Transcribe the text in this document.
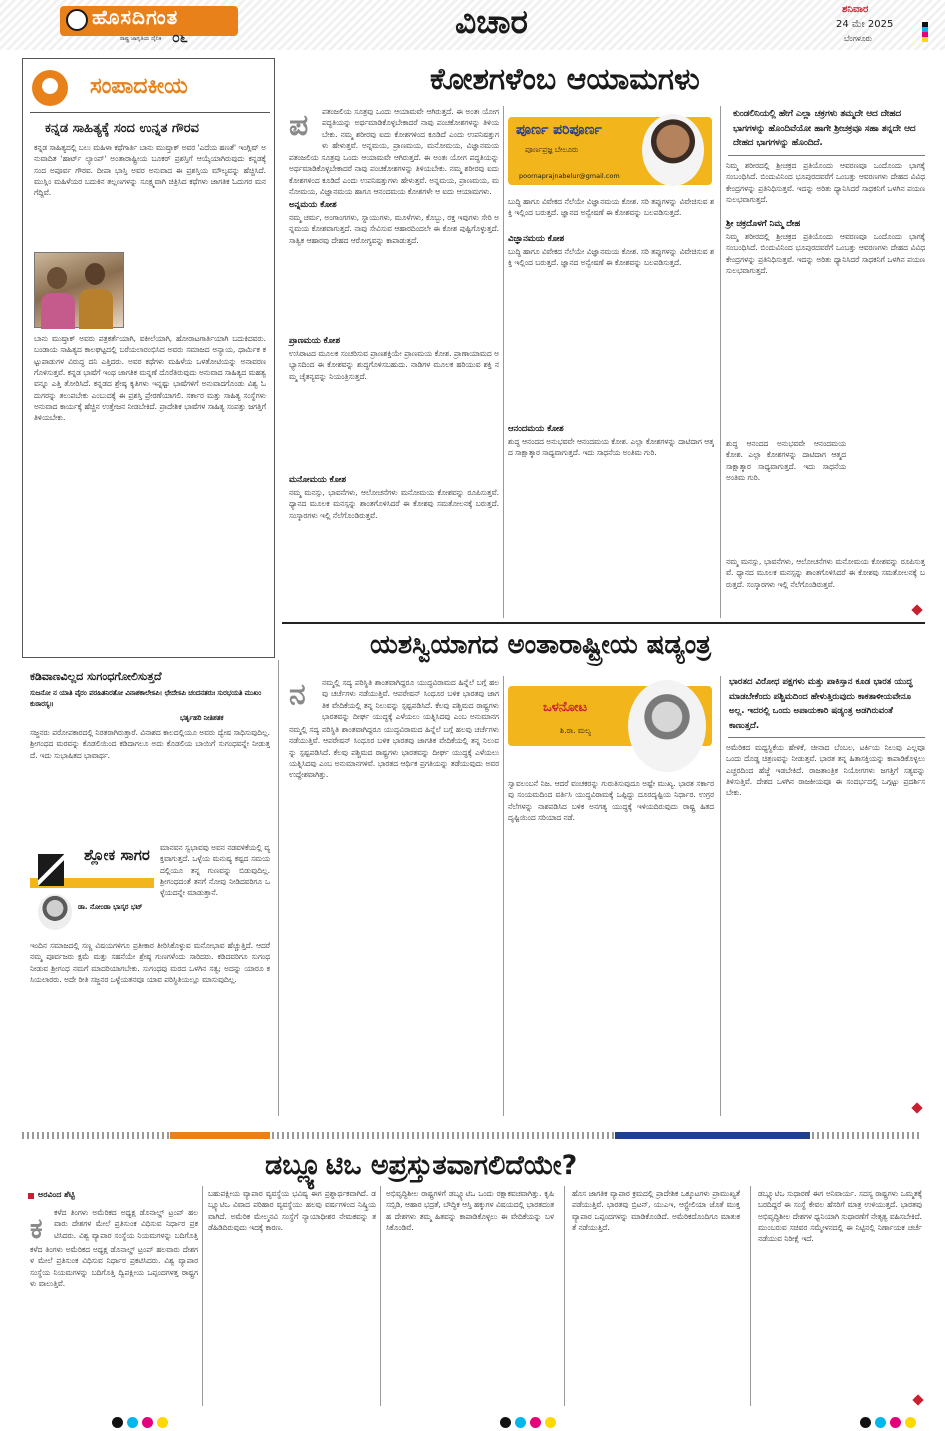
ಹೊಸದಿಗಂತ
ರಾಷ್ಟ್ರ ಜಾಗೃತಿಯ ದೈನಿಕ ೦೬	ವಿಚಾರ	ಶನಿವಾರ
24 ಮೇ 2025
ಬೆಂಗಳೂರು
ಸಂಪಾದಕೀಯ
ಕನ್ನಡ ಸಾಹಿತ್ಯಕ್ಕೆ ಸಂದ ಉನ್ನತ ಗೌರವ
ಕನ್ನಡ ಸಾಹಿತ್ಯದಲ್ಲಿ ಬಲು ಮಹಿಳಾ ಕಥೆಗಾರ್ತಿ ಬಾನು ಮುಷ್ತಾಕ್ ಅವರ 'ಎದೆಯ ಹಣತೆ' ಇಂಗ್ಲಿಷ್ ಅನುವಾದಿತ 'ಹಾರ್ಟ್ ಲ್ಯಾಂಪ್' ಅಂತಾರಾಷ್ಟ್ರೀಯ ಬೂಕರ್ ಪ್ರಶಸ್ತಿಗೆ ಆಯ್ಕೆಯಾಗಿರುವುದು ಕನ್ನಡಕ್ಕೆ ಸಂದ ಅಪೂರ್ವ ಗೌರವ. ದೀಪಾ ಭಾಸ್ತಿ ಅವರ ಅನುವಾದ ಈ ಪ್ರಶಸ್ತಿಯ ಮೌಲ್ಯವನ್ನು ಹೆಚ್ಚಿಸಿದೆ. ಮುಸ್ಲಿಂ ಮಹಿಳೆಯರ ಬದುಕಿನ ತಲ್ಲಣಗಳನ್ನು ಸೂಕ್ಷ್ಮವಾಗಿ ಚಿತ್ರಿಸಿದ ಕಥೆಗಳು ಜಾಗತಿಕ ಓದುಗರ ಮನ ಗೆದ್ದಿವೆ.
ಬಾನು ಮುಷ್ತಾಕ್ ಅವರು ಪತ್ರಕರ್ತೆಯಾಗಿ, ವಕೀಲೆಯಾಗಿ, ಹೋರಾಟಗಾರ್ತಿಯಾಗಿ ಬದುಕಿದವರು. ಬಂಡಾಯ ಸಾಹಿತ್ಯದ ಕಾಲಘಟ್ಟದಲ್ಲಿ ಬರೆಯಲಾರಂಭಿಸಿದ ಅವರು ಸಮಾಜದ ಅನ್ಯಾಯ, ಧಾರ್ಮಿಕ ಕಟ್ಟುಪಾಡುಗಳ ವಿರುದ್ಧ ದನಿ ಎತ್ತಿದರು. ಅವರ ಕಥೆಗಳು ಮಹಿಳೆಯ ಒಳತೋಟಿಯನ್ನು ಅನಾವರಣಗೊಳಿಸುತ್ತವೆ. ಕನ್ನಡ ಭಾಷೆಗೆ ಇಂಥ ಜಾಗತಿಕ ಮನ್ನಣೆ ದೊರೆತಿರುವುದು ಅನುವಾದ ಸಾಹಿತ್ಯದ ಮಹತ್ವವನ್ನೂ ಎತ್ತಿ ತೋರಿಸಿದೆ. ಕನ್ನಡದ ಶ್ರೇಷ್ಠ ಕೃತಿಗಳು ಇನ್ನಷ್ಟು ಭಾಷೆಗಳಿಗೆ ಅನುವಾದಗೊಂಡು ವಿಶ್ವ ಓದುಗರನ್ನು ತಲುಪಬೇಕು ಎಂಬುದಕ್ಕೆ ಈ ಪ್ರಶಸ್ತಿ ಪ್ರೇರಣೆಯಾಗಲಿ. ಸರ್ಕಾರ ಮತ್ತು ಸಾಹಿತ್ಯ ಸಂಸ್ಥೆಗಳು ಅನುವಾದ ಕಾರ್ಯಕ್ಕೆ ಹೆಚ್ಚಿನ ಉತ್ತೇಜನ ನೀಡಬೇಕಿದೆ. ಪ್ರಾದೇಶಿಕ ಭಾಷೆಗಳ ಸಾಹಿತ್ಯ ಸಂಪತ್ತು ಜಗತ್ತಿಗೆ ತಿಳಿಯಬೇಕು.
ಕೋಶಗಳೆಂಬ ಆಯಾಮಗಳು
ಪ	ಪತಂಜಲಿಯ ಸೂತ್ರವು ಒಂದು ಆಯಾಮವೇ ಆಗಿರುತ್ತದೆ. ಈ ಅಂತಃ ಯೋಗ ಪದ್ಧತಿಯನ್ನು ಅರ್ಥಮಾಡಿಕೊಳ್ಳಬೇಕಾದರೆ ನಾವು ಪಂಚಕೋಶಗಳನ್ನು ತಿಳಿಯಬೇಕು. ನಮ್ಮ ಶರೀರವು ಐದು ಕೋಶಗಳಿಂದ ಕೂಡಿದೆ ಎಂದು ಉಪನಿಷತ್ತುಗಳು ಹೇಳುತ್ತವೆ. ಅನ್ನಮಯ, ಪ್ರಾಣಮಯ, ಮನೋಮಯ, ವಿಜ್ಞಾನಮಯ
ಪತಂಜಲಿಯ ಸೂತ್ರವು ಒಂದು ಆಯಾಮವೇ ಆಗಿರುತ್ತದೆ. ಈ ಅಂತಃ ಯೋಗ ಪದ್ಧತಿಯನ್ನು ಅರ್ಥಮಾಡಿಕೊಳ್ಳಬೇಕಾದರೆ ನಾವು ಪಂಚಕೋಶಗಳನ್ನು ತಿಳಿಯಬೇಕು. ನಮ್ಮ ಶರೀರವು ಐದು ಕೋಶಗಳಿಂದ ಕೂಡಿದೆ ಎಂದು ಉಪನಿಷತ್ತುಗಳು ಹೇಳುತ್ತವೆ. ಅನ್ನಮಯ, ಪ್ರಾಣಮಯ, ಮನೋಮಯ, ವಿಜ್ಞಾನಮಯ ಹಾಗೂ ಆನಂದಮಯ ಕೋಶಗಳೇ ಆ ಐದು ಆಯಾಮಗಳು.
ಅನ್ನಮಯ ಕೋಶ
ನಮ್ಮ ಚರ್ಮ, ಅಂಗಾಂಗಗಳು, ಸ್ನಾಯುಗಳು, ಮೂಳೆಗಳು, ಕೊಬ್ಬು, ರಕ್ತ ಇವುಗಳು ಸೇರಿ ಅನ್ನಮಯ ಕೋಶವಾಗುತ್ತದೆ. ನಾವು ಸೇವಿಸುವ ಆಹಾರದಿಂದಲೇ ಈ ಕೋಶ ಪುಷ್ಟಿಗೊಳ್ಳುತ್ತದೆ. ಸಾತ್ವಿಕ ಆಹಾರವು ದೇಹದ ಆರೋಗ್ಯವನ್ನು ಕಾಪಾಡುತ್ತದೆ.
ಪ್ರಾಣಮಯ ಕೋಶ
ಉಸಿರಾಟದ ಮೂಲಕ ಸಂಚರಿಸುವ ಪ್ರಾಣಶಕ್ತಿಯೇ ಪ್ರಾಣಮಯ ಕೋಶ. ಪ್ರಾಣಾಯಾಮದ ಅಭ್ಯಾಸದಿಂದ ಈ ಕೋಶವನ್ನು ಶುದ್ಧಗೊಳಿಸಬಹುದು. ನಾಡಿಗಳ ಮೂಲಕ ಹರಿಯುವ ಶಕ್ತಿ ನಮ್ಮ ಚೈತನ್ಯವನ್ನು ನಿಯಂತ್ರಿಸುತ್ತದೆ.
ಮನೋಮಯ ಕೋಶ
ನಮ್ಮ ಮನಸ್ಸು, ಭಾವನೆಗಳು, ಆಲೋಚನೆಗಳು ಮನೋಮಯ ಕೋಶವನ್ನು ರೂಪಿಸುತ್ತವೆ. ಧ್ಯಾನದ ಮೂಲಕ ಮನಸ್ಸನ್ನು ಶಾಂತಗೊಳಿಸಿದರೆ ಈ ಕೋಶವು ಸಮತೋಲನಕ್ಕೆ ಬರುತ್ತದೆ. ಸಂಸ್ಕಾರಗಳು ಇಲ್ಲಿ ನೆಲೆಗೊಂಡಿರುತ್ತವೆ.
ಪೂರ್ಣ ಪರಿಪೂರ್ಣ
ಪೂರ್ಣಪ್ರಜ್ಞ ಬೇಲೂರು
poornaprajnabelur@gmail.com
ವಿಜ್ಞಾನಮಯ ಕೋಶ
ಬುದ್ಧಿ ಹಾಗೂ ವಿವೇಕದ ನೆಲೆಯೇ ವಿಜ್ಞಾನಮಯ ಕೋಶ. ಸರಿ ತಪ್ಪುಗಳನ್ನು ವಿವೇಚಿಸುವ ಶಕ್ತಿ ಇಲ್ಲಿಂದ ಬರುತ್ತದೆ. ಜ್ಞಾನದ ಅನ್ವೇಷಣೆ ಈ ಕೋಶವನ್ನು ಬಲಪಡಿಸುತ್ತದೆ.
ಬುದ್ಧಿ ಹಾಗೂ ವಿವೇಕದ ನೆಲೆಯೇ ವಿಜ್ಞಾನಮಯ ಕೋಶ. ಸರಿ ತಪ್ಪುಗಳನ್ನು ವಿವೇಚಿಸುವ ಶಕ್ತಿ ಇಲ್ಲಿಂದ ಬರುತ್ತದೆ. ಜ್ಞಾನದ ಅನ್ವೇಷಣೆ ಈ ಕೋಶವನ್ನು ಬಲಪಡಿಸುತ್ತದೆ.
ಆನಂದಮಯ ಕೋಶ
ಶುದ್ಧ ಆನಂದದ ಅನುಭವವೇ ಆನಂದಮಯ ಕೋಶ. ಎಲ್ಲಾ ಕೋಶಗಳನ್ನು ದಾಟಿದಾಗ ಆತ್ಮದ ಸಾಕ್ಷಾತ್ಕಾರ ಸಾಧ್ಯವಾಗುತ್ತದೆ. ಇದು ಸಾಧನೆಯ ಅಂತಿಮ ಗುರಿ.
ಕುಂಡಲಿನಿಯಲ್ಲಿ ಹೇಗೆ ಎಲ್ಲಾ ಚಕ್ರಗಳು ತಮ್ಮದೇ ಆದ ದೇಹದ ಭಾಗಗಳನ್ನು ಹೊಂದಿವೆಯೋ ಹಾಗೇ ಶ್ರೀಚಕ್ರವೂ ಸಹಾ ತನ್ನದೇ ಆದ ದೇಹದ ಭಾಗಗಳನ್ನು ಹೊಂದಿದೆ.
ನಿಮ್ಮ ಶರೀರದಲ್ಲಿ ಶ್ರೀಚಕ್ರದ ಪ್ರತಿಯೊಂದು ಆವರಣವೂ ಒಂದೊಂದು ಭಾಗಕ್ಕೆ ಸಂಬಂಧಿಸಿದೆ. ಬಿಂದುವಿನಿಂದ ಭೂಪುರದವರೆಗೆ ಒಂಬತ್ತು ಆವರಣಗಳು ದೇಹದ ವಿವಿಧ ಕೇಂದ್ರಗಳನ್ನು ಪ್ರತಿನಿಧಿಸುತ್ತವೆ. ಇದನ್ನು ಅರಿತು ಧ್ಯಾನಿಸಿದರೆ ಸಾಧಕನಿಗೆ ಒಳಗಿನ ಪಯಣ ಸುಲಭವಾಗುತ್ತದೆ.
ಶ್ರೀ ಚಕ್ರದೊಳಗೆ ನಿಮ್ಮ ದೇಹ
ನಿಮ್ಮ ಶರೀರದಲ್ಲಿ ಶ್ರೀಚಕ್ರದ ಪ್ರತಿಯೊಂದು ಆವರಣವೂ ಒಂದೊಂದು ಭಾಗಕ್ಕೆ ಸಂಬಂಧಿಸಿದೆ. ಬಿಂದುವಿನಿಂದ ಭೂಪುರದವರೆಗೆ ಒಂಬತ್ತು ಆವರಣಗಳು ದೇಹದ ವಿವಿಧ ಕೇಂದ್ರಗಳನ್ನು ಪ್ರತಿನಿಧಿಸುತ್ತವೆ. ಇದನ್ನು ಅರಿತು ಧ್ಯಾನಿಸಿದರೆ ಸಾಧಕನಿಗೆ ಒಳಗಿನ ಪಯಣ ಸುಲಭವಾಗುತ್ತದೆ.
ಶುದ್ಧ ಆನಂದದ ಅನುಭವವೇ ಆನಂದಮಯ ಕೋಶ. ಎಲ್ಲಾ ಕೋಶಗಳನ್ನು ದಾಟಿದಾಗ ಆತ್ಮದ ಸಾಕ್ಷಾತ್ಕಾರ ಸಾಧ್ಯವಾಗುತ್ತದೆ. ಇದು ಸಾಧನೆಯ ಅಂತಿಮ ಗುರಿ.
ನಮ್ಮ ಮನಸ್ಸು, ಭಾವನೆಗಳು, ಆಲೋಚನೆಗಳು ಮನೋಮಯ ಕೋಶವನ್ನು ರೂಪಿಸುತ್ತವೆ. ಧ್ಯಾನದ ಮೂಲಕ ಮನಸ್ಸನ್ನು ಶಾಂತಗೊಳಿಸಿದರೆ ಈ ಕೋಶವು ಸಮತೋಲನಕ್ಕೆ ಬರುತ್ತದೆ. ಸಂಸ್ಕಾರಗಳು ಇಲ್ಲಿ ನೆಲೆಗೊಂಡಿರುತ್ತವೆ.
ಯಶಸ್ವಿಯಾಗದ ಅಂತಾರಾಷ್ಟ್ರೀಯ ಷಡ್ಯಂತ್ರ
ನ	ನಮ್ಮಲ್ಲಿ ಸದ್ಯ ಪರಿಸ್ಥಿತಿ ಶಾಂತವಾಗಿದ್ದರೂ ಯುದ್ಧವಿರಾಮದ ಹಿನ್ನೆಲೆ ಬಗ್ಗೆ ಹಲವು ಚರ್ಚೆಗಳು ನಡೆಯುತ್ತಿವೆ. ಆಪರೇಷನ್ ಸಿಂಧೂರ ಬಳಿಕ ಭಾರತವು ಜಾಗತಿಕ ವೇದಿಕೆಯಲ್ಲಿ ತನ್ನ ನಿಲುವನ್ನು ಸ್ಪಷ್ಟಪಡಿಸಿದೆ. ಕೆಲವು ಪಶ್ಚಿಮದ ರಾಷ್ಟ್ರಗಳು ಭಾರತವನ್ನು ದೀರ್ಘ ಯುದ್ಧಕ್ಕೆ ಎಳೆಯಲು ಯತ್ನಿಸಿದವು ಎಂಬ ಅನುಮಾನಗ
ನಮ್ಮಲ್ಲಿ ಸದ್ಯ ಪರಿಸ್ಥಿತಿ ಶಾಂತವಾಗಿದ್ದರೂ ಯುದ್ಧವಿರಾಮದ ಹಿನ್ನೆಲೆ ಬಗ್ಗೆ ಹಲವು ಚರ್ಚೆಗಳು ನಡೆಯುತ್ತಿವೆ. ಆಪರೇಷನ್ ಸಿಂಧೂರ ಬಳಿಕ ಭಾರತವು ಜಾಗತಿಕ ವೇದಿಕೆಯಲ್ಲಿ ತನ್ನ ನಿಲುವನ್ನು ಸ್ಪಷ್ಟಪಡಿಸಿದೆ. ಕೆಲವು ಪಶ್ಚಿಮದ ರಾಷ್ಟ್ರಗಳು ಭಾರತವನ್ನು ದೀರ್ಘ ಯುದ್ಧಕ್ಕೆ ಎಳೆಯಲು ಯತ್ನಿಸಿದವು ಎಂಬ ಅನುಮಾನಗಳಿವೆ. ಭಾರತದ ಆರ್ಥಿಕ ಪ್ರಗತಿಯನ್ನು ತಡೆಯುವುದು ಅವರ ಉದ್ದೇಶವಾಗಿತ್ತು.
ಒಳನೋಟ
ಶಿ.ರಾ. ಮಲ್ಯ
ಸ್ವಾವಲಂಬನೆ ನಿಜ. ಆದರೆ ವಂಚಕರನ್ನು ಗುರುತಿಸುವುದೂ ಅಷ್ಟೇ ಮುಖ್ಯ. ಭಾರತ ಸರ್ಕಾರವು ಸಂಯಮದಿಂದ ವರ್ತಿಸಿ ಯುದ್ಧವಿರಾಮಕ್ಕೆ ಒಪ್ಪಿದ್ದು ದೂರದೃಷ್ಟಿಯ ನಿರ್ಧಾರ. ಉಗ್ರರ ನೆಲೆಗಳನ್ನು ನಾಶಪಡಿಸಿದ ಬಳಿಕ ಅನಗತ್ಯ ಯುದ್ಧಕ್ಕೆ ಇಳಿಯದಿರುವುದು ರಾಷ್ಟ್ರ ಹಿತದ ದೃಷ್ಟಿಯಿಂದ ಸರಿಯಾದ ನಡೆ.
ಭಾರತದ ವಿರೋಧ ಪಕ್ಷಗಳು ಮತ್ತು ಪಾಕಿಸ್ತಾನ ಕೂಡ ಭಾರತ ಯುದ್ಧ ಮಾಡಬೇಕೆಂದು ಪಶ್ಚಿಮದಿಂದ ಹೇಳುತ್ತಿರುವುದು ಕಾಕತಾಳೀಯವೇನೂ ಅಲ್ಲ. ಇದರಲ್ಲಿ ಒಂದು ಅಪಾಯಕಾರಿ ಷಡ್ಯಂತ್ರ ಅಡಗಿರುವಂತೆ ಕಾಣುತ್ತದೆ.
ಅಮೆರಿಕದ ಮಧ್ಯಸ್ಥಿಕೆಯ ಹೇಳಿಕೆ, ಚೀನಾದ ಬೆಂಬಲ, ಟರ್ಕಿಯ ನಿಲುವು ಎಲ್ಲವೂ ಒಂದು ದೊಡ್ಡ ಚಿತ್ರಣವನ್ನು ನೀಡುತ್ತವೆ. ಭಾರತ ತನ್ನ ಹಿತಾಸಕ್ತಿಯನ್ನು ಕಾಪಾಡಿಕೊಳ್ಳಲು ಎಚ್ಚರದಿಂದ ಹೆಜ್ಜೆ ಇಡಬೇಕಿದೆ. ರಾಜತಾಂತ್ರಿಕ ನಿಯೋಗಗಳು ಜಗತ್ತಿಗೆ ಸತ್ಯವನ್ನು ತಿಳಿಸುತ್ತಿವೆ. ದೇಶದ ಒಳಗಿನ ರಾಜಕೀಯವೂ ಈ ಸಂದರ್ಭದಲ್ಲಿ ಒಗ್ಗಟ್ಟು ಪ್ರದರ್ಶಿಸಬೇಕು.
ಕಡಿವಾಣವಿಲ್ಲದ ಸುಗಂಧಗೋಲಿಸುತ್ತದೆ
ಸುಜನೋ ನ ಯಾತಿ ವೈರಂ ಪರಹಿತನಿರತೋ ವಿನಾಶಕಾಲೇಽಪಿ। ಛೇದೇಽಪಿ ಚಂದನತರುಃ ಸುರಭಯತಿ ಮುಖಂ ಕುಠಾರಸ್ಯ॥
ಭರ್ತೃಹರಿ ನೀತಿಶತಕ
ಸಜ್ಜನರು ಪರೋಪಕಾರದಲ್ಲಿ ನಿರತರಾಗಿರುತ್ತಾರೆ. ವಿನಾಶದ ಕಾಲದಲ್ಲಿಯೂ ಅವರು ದ್ವೇಷ ಸಾಧಿಸುವುದಿಲ್ಲ. ಶ್ರೀಗಂಧದ ಮರವನ್ನು ಕೊಡಲಿಯಿಂದ ಕಡಿದಾಗಲೂ ಅದು ಕೊಡಲಿಯ ಬಾಯಿಗೆ ಸುಗಂಧವನ್ನೇ ನೀಡುತ್ತದೆ. ಇದು ಸುಭಾಷಿತದ ಭಾವಾರ್ಥ.
ಶ್ಲೋಕ ಸಾಗರ
ಡಾ. ನೋಂಡಾ ಭಾಸ್ಕರ ಭಟ್
ಮಾನವನ ಸ್ವಭಾವವು ಅವನ ನಡವಳಿಕೆಯಲ್ಲಿ ವ್ಯಕ್ತವಾಗುತ್ತದೆ. ಒಳ್ಳೆಯ ಮನುಷ್ಯ ಕಷ್ಟದ ಸಮಯದಲ್ಲಿಯೂ ತನ್ನ ಗುಣವನ್ನು ಬಿಡುವುದಿಲ್ಲ. ಶ್ರೀಗಂಧದಂತೆ ತನಗೆ ನೋವು ನೀಡಿದವರಿಗೂ ಒಳ್ಳೆಯದನ್ನೇ ಮಾಡುತ್ತಾನೆ.
ಇಂದಿನ ಸಮಾಜದಲ್ಲಿ ಸಣ್ಣ ವಿಷಯಗಳಿಗೂ ಪ್ರತೀಕಾರ ತೀರಿಸಿಕೊಳ್ಳುವ ಮನೋಭಾವ ಹೆಚ್ಚುತ್ತಿದೆ. ಆದರೆ ನಮ್ಮ ಪೂರ್ವಜರು ಕ್ಷಮೆ ಮತ್ತು ಸಹನೆಯೇ ಶ್ರೇಷ್ಠ ಗುಣಗಳೆಂದು ಸಾರಿದರು. ಕಡಿದವರಿಗೂ ಸುಗಂಧ ನೀಡುವ ಶ್ರೀಗಂಧ ನಮಗೆ ಮಾದರಿಯಾಗಬೇಕು. ಸುಗಂಧವು ಮರದ ಒಳಗಿನ ಸತ್ವ; ಅದನ್ನು ಯಾರೂ ಕಸಿಯಲಾರರು. ಅದೇ ರೀತಿ ಸಜ್ಜನರ ಒಳ್ಳೆಯತನವೂ ಯಾವ ಪರಿಸ್ಥಿತಿಯಲ್ಲೂ ಮಾಸುವುದಿಲ್ಲ.
ಡಬ್ಲ್ಯೂಟಿಒ ಅಪ್ರಸ್ತುತವಾಗಲಿದೆಯೇ?
ಅರವಿಂದ ಶೆಟ್ಟಿ
ಕ	ಕಳೆದ ತಿಂಗಳು ಅಮೆರಿಕದ ಅಧ್ಯಕ್ಷ ಡೊನಾಲ್ಡ್ ಟ್ರಂಪ್ ಹಲವಾರು ದೇಶಗಳ ಮೇಲೆ ಪ್ರತಿಸುಂಕ ವಿಧಿಸುವ ನಿರ್ಧಾರ ಪ್ರಕಟಿಸಿದರು. ವಿಶ್ವ ವ್ಯಾಪಾರ ಸಂಸ್ಥೆಯ ನಿಯಮಗಳನ್ನು ಬದಿಗೊತ್ತಿ
ಕಳೆದ ತಿಂಗಳು ಅಮೆರಿಕದ ಅಧ್ಯಕ್ಷ ಡೊನಾಲ್ಡ್ ಟ್ರಂಪ್ ಹಲವಾರು ದೇಶಗಳ ಮೇಲೆ ಪ್ರತಿಸುಂಕ ವಿಧಿಸುವ ನಿರ್ಧಾರ ಪ್ರಕಟಿಸಿದರು. ವಿಶ್ವ ವ್ಯಾಪಾರ ಸಂಸ್ಥೆಯ ನಿಯಮಗಳನ್ನು ಬದಿಗೊತ್ತಿ ದ್ವಿಪಕ್ಷೀಯ ಒಪ್ಪಂದಗಳತ್ತ ರಾಷ್ಟ್ರಗಳು ವಾಲುತ್ತಿವೆ.
ಬಹುಪಕ್ಷೀಯ ವ್ಯಾಪಾರ ವ್ಯವಸ್ಥೆಯ ಭವಿಷ್ಯ ಈಗ ಪ್ರಶ್ನಾರ್ಥಕವಾಗಿದೆ. ಡಬ್ಲ್ಯೂಟಿಒ ವಿವಾದ ಪರಿಹಾರ ವ್ಯವಸ್ಥೆಯು ಹಲವು ವರ್ಷಗಳಿಂದ ನಿಷ್ಕ್ರಿಯವಾಗಿದೆ. ಅಮೆರಿಕ ಮೇಲ್ಮನವಿ ಸಂಸ್ಥೆಗೆ ನ್ಯಾಯಾಧೀಶರ ನೇಮಕವನ್ನು ತಡೆಹಿಡಿದಿರುವುದು ಇದಕ್ಕೆ ಕಾರಣ.
ಅಭಿವೃದ್ಧಿಶೀಲ ರಾಷ್ಟ್ರಗಳಿಗೆ ಡಬ್ಲ್ಯೂಟಿಒ ಒಂದು ರಕ್ಷಾಕವಚವಾಗಿತ್ತು. ಕೃಷಿ ಸಬ್ಸಿಡಿ, ಆಹಾರ ಭದ್ರತೆ, ಬೌದ್ಧಿಕ ಆಸ್ತಿ ಹಕ್ಕುಗಳ ವಿಷಯದಲ್ಲಿ ಭಾರತದಂತಹ ದೇಶಗಳು ತಮ್ಮ ಹಿತವನ್ನು ಕಾಪಾಡಿಕೊಳ್ಳಲು ಈ ವೇದಿಕೆಯನ್ನು ಬಳಸಿಕೊಂಡಿವೆ.
ಹೊಸ ಜಾಗತಿಕ ವ್ಯಾಪಾರ ಕ್ರಮದಲ್ಲಿ ಪ್ರಾದೇಶಿಕ ಒಕ್ಕೂಟಗಳು ಪ್ರಾಮುಖ್ಯತೆ ಪಡೆಯುತ್ತಿವೆ. ಭಾರತವು ಬ್ರಿಟನ್, ಯುಎಇ, ಆಸ್ಟ್ರೇಲಿಯಾ ಜೊತೆ ಮುಕ್ತ ವ್ಯಾಪಾರ ಒಪ್ಪಂದಗಳನ್ನು ಮಾಡಿಕೊಂಡಿದೆ. ಅಮೆರಿಕದೊಂದಿಗೂ ಮಾತುಕತೆ ನಡೆಯುತ್ತಿದೆ.
ಡಬ್ಲ್ಯೂಟಿಒ ಸುಧಾರಣೆ ಈಗ ಅನಿವಾರ್ಯ. ಸದಸ್ಯ ರಾಷ್ಟ್ರಗಳು ಒಮ್ಮತಕ್ಕೆ ಬರದಿದ್ದರೆ ಈ ಸಂಸ್ಥೆ ಕೇವಲ ಹೆಸರಿಗೆ ಮಾತ್ರ ಉಳಿಯುತ್ತದೆ. ಭಾರತವು ಅಭಿವೃದ್ಧಿಶೀಲ ದೇಶಗಳ ಧ್ವನಿಯಾಗಿ ಸುಧಾರಣೆಗೆ ನೇತೃತ್ವ ವಹಿಸಬೇಕಿದೆ. ಮುಂಬರುವ ಸಚಿವರ ಸಮ್ಮೇಳನದಲ್ಲಿ ಈ ನಿಟ್ಟಿನಲ್ಲಿ ನಿರ್ಣಾಯಕ ಚರ್ಚೆ ನಡೆಯುವ ನಿರೀಕ್ಷೆ ಇದೆ.
